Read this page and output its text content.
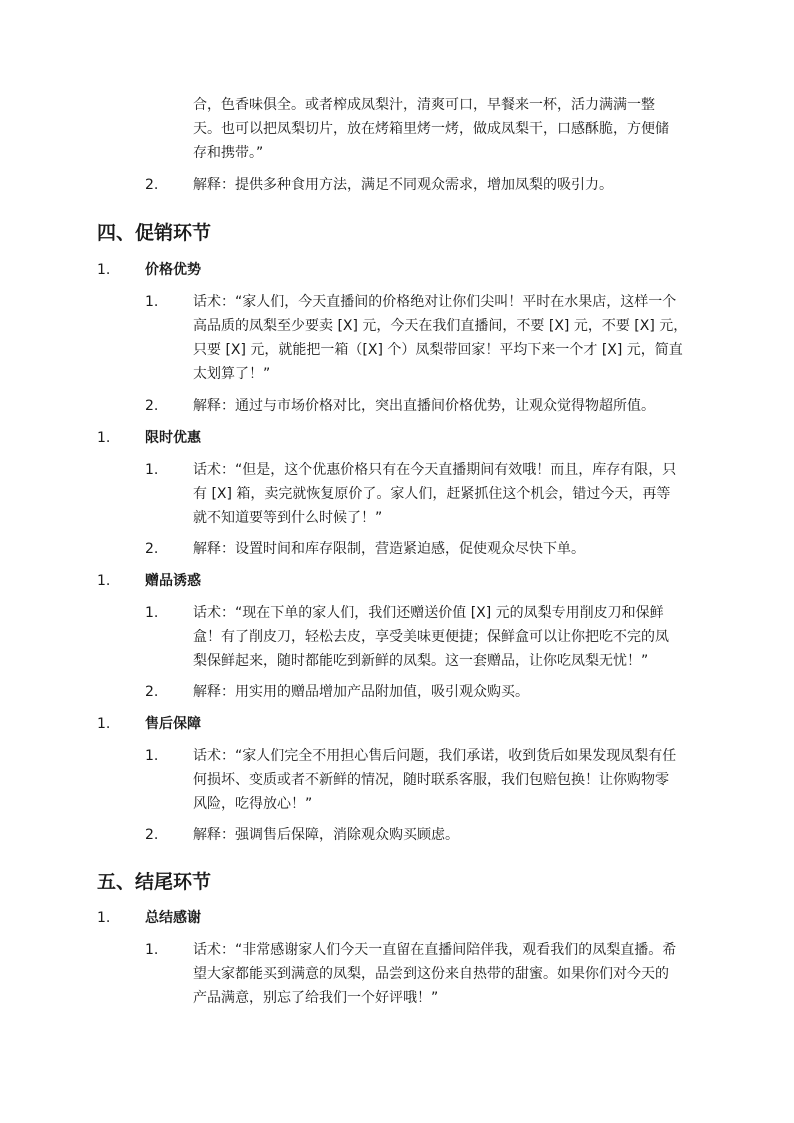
合，色香味俱全。或者榨成凤梨汁，清爽可口，早餐来一杯，活力满满一整
天。也可以把凤梨切片，放在烤箱里烤一烤，做成凤梨干，口感酥脆，方便储
存和携带。”
2. 解释：提供多种食用方法，满足不同观众需求，增加凤梨的吸引力。
四、促销环节
1. 价格优势
1. 话术：“家人们，今天直播间的价格绝对让你们尖叫！平时在水果店，这样一个
高品质的凤梨至少要卖 [X] 元，今天在我们直播间，不要 [X] 元，不要 [X] 元，
只要 [X] 元，就能把一箱（[X] 个）凤梨带回家！平均下来一个才 [X] 元，简直
太划算了！”
2. 解释：通过与市场价格对比，突出直播间价格优势，让观众觉得物超所值。
1. 限时优惠
1. 话术：“但是，这个优惠价格只有在今天直播期间有效哦！而且，库存有限，只
有 [X] 箱，卖完就恢复原价了。家人们，赶紧抓住这个机会，错过今天，再等
就不知道要等到什么时候了！”
2. 解释：设置时间和库存限制，营造紧迫感，促使观众尽快下单。
1. 赠品诱惑
1. 话术：“现在下单的家人们，我们还赠送价值 [X] 元的凤梨专用削皮刀和保鲜
盒！有了削皮刀，轻松去皮，享受美味更便捷；保鲜盒可以让你把吃不完的凤
梨保鲜起来，随时都能吃到新鲜的凤梨。这一套赠品，让你吃凤梨无忧！”
2. 解释：用实用的赠品增加产品附加值，吸引观众购买。
1. 售后保障
1. 话术：“家人们完全不用担心售后问题，我们承诺，收到货后如果发现凤梨有任
何损坏、变质或者不新鲜的情况，随时联系客服，我们包赔包换！让你购物零
风险，吃得放心！”
2. 解释：强调售后保障，消除观众购买顾虑。
五、结尾环节
1. 总结感谢
1. 话术：“非常感谢家人们今天一直留在直播间陪伴我，观看我们的凤梨直播。希
望大家都能买到满意的凤梨，品尝到这份来自热带的甜蜜。如果你们对今天的
产品满意，别忘了给我们一个好评哦！”
